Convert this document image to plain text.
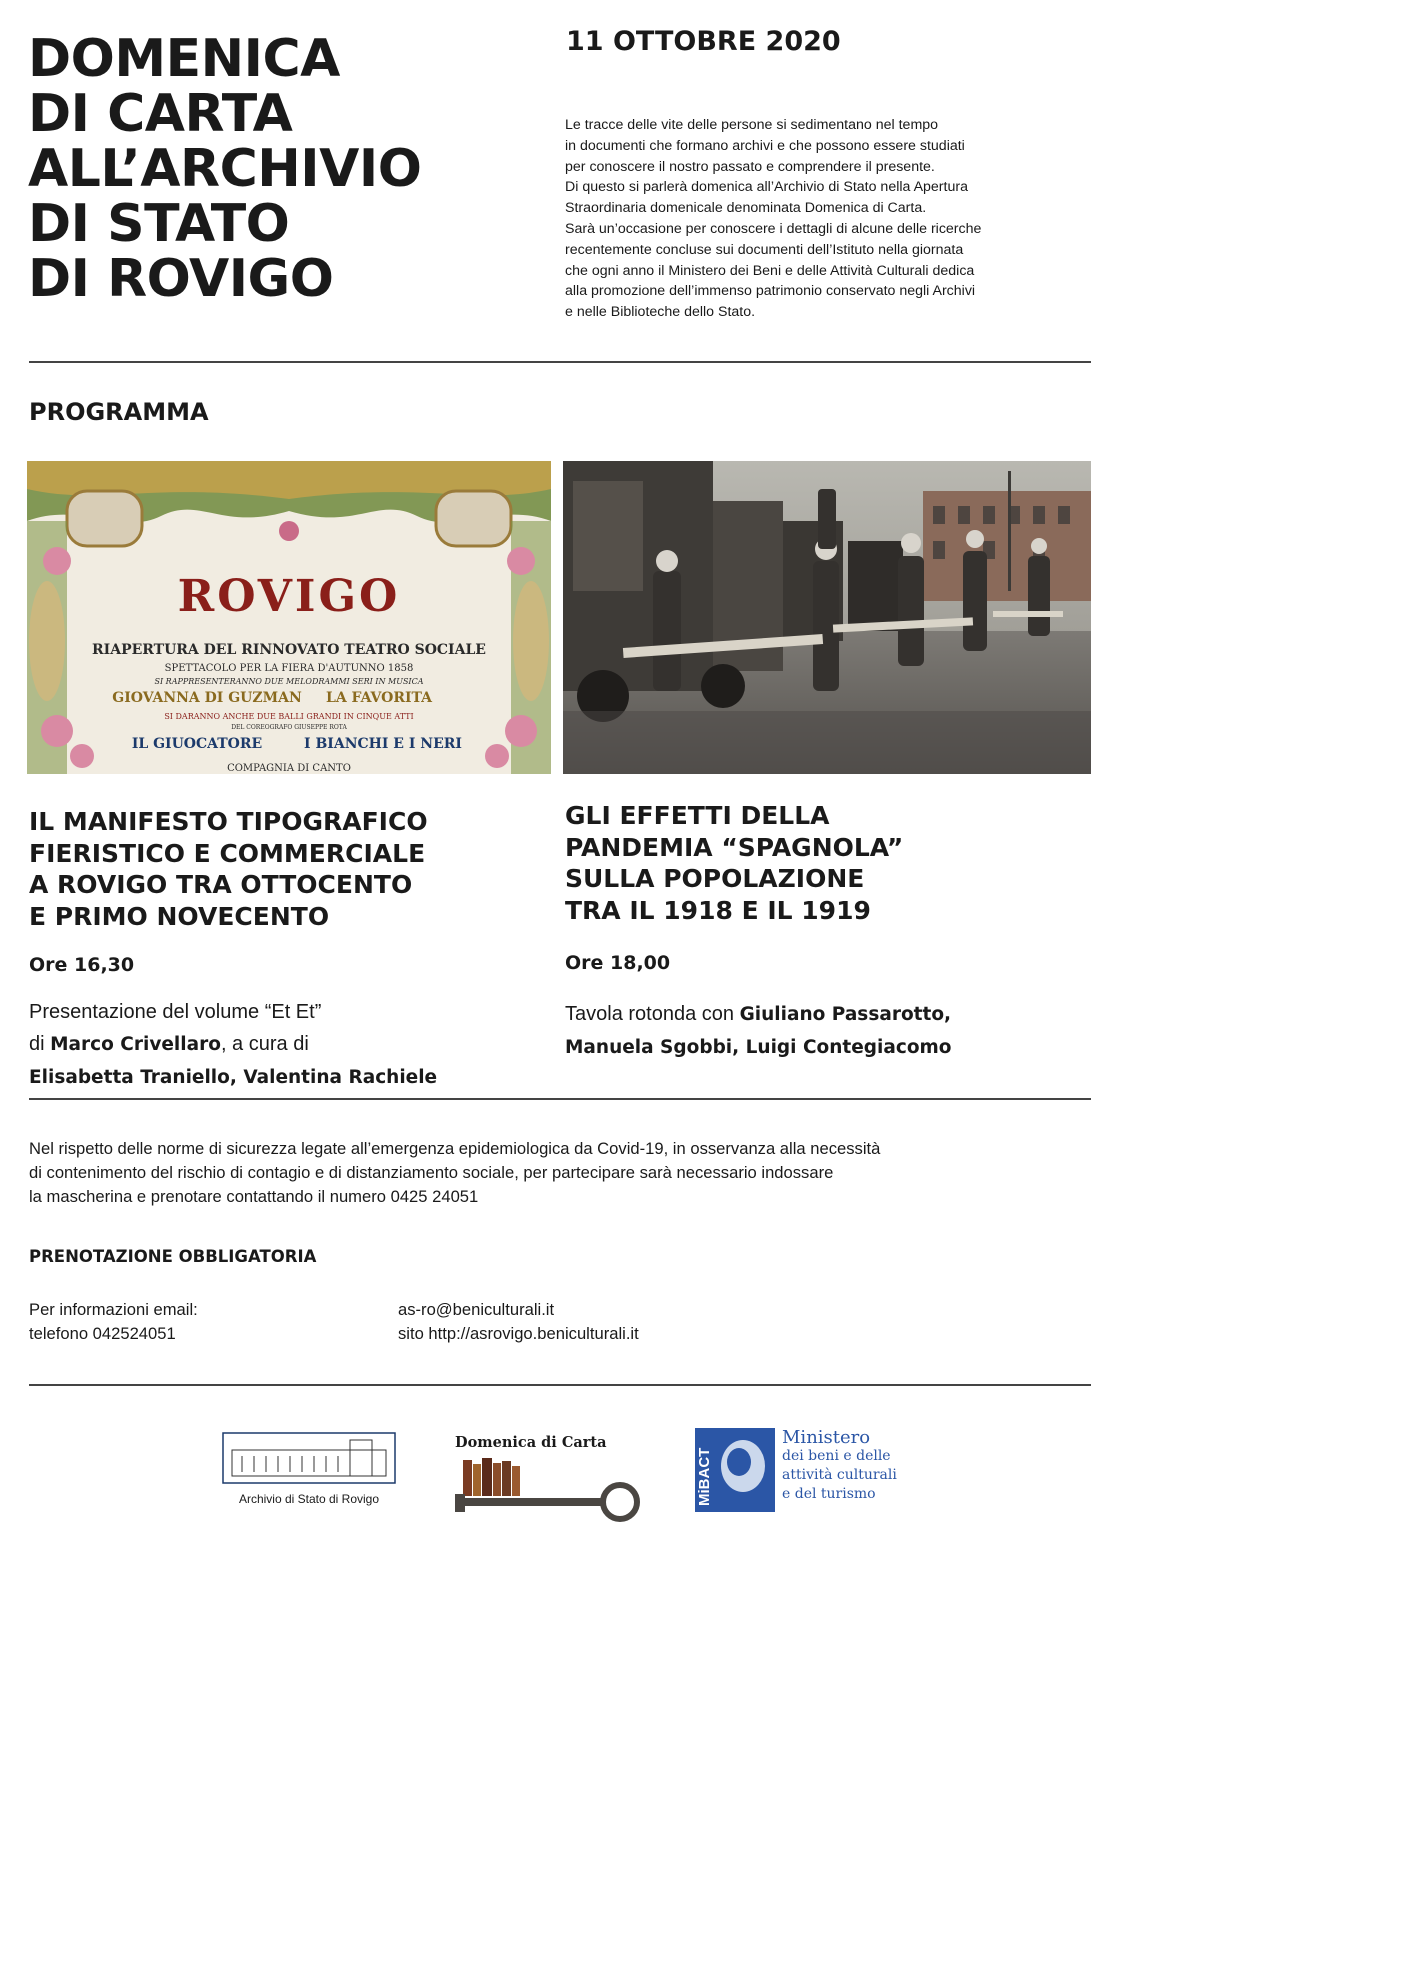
DOMENICA
DI CARTA
ALL’ARCHIVIO
DI STATO
DI ROVIGO
11 OTTOBRE 2020

Le tracce delle vite delle persone si sedimentano nel tempo
in documenti che formano archivi e che possono essere studiati
per conoscere il nostro passato e comprendere il presente.
Di questo si parlerà domenica all’Archivio di Stato nella Apertura
Straordinaria domenicale denominata Domenica di Carta.
Sarà un’occasione per conoscere i dettagli di alcune delle ricerche
recentemente concluse sui documenti dell’Istituto nella giornata
che ogni anno il Ministero dei Beni e delle Attività Culturali dedica
alla promozione dell’immenso patrimonio conservato negli Archivi
e nelle Biblioteche dello Stato.

PROGRAMMA
ROVIGO
RIAPERTURA DEL RINNOVATO TEATRO SOCIALE
SPETTACOLO PER LA FIERA D'AUTUNNO 1858
SI RAPPRESENTERANNO DUE MELODRAMMI SERI IN MUSICA
GIOVANNA DI GUZMAN LA FAVORITA
SI DARANNO ANCHE DUE BALLI GRANDI IN CINQUE ATTI
DEL COREOGRAFO GIUSEPPE ROTA
IL GIUOCATORE	I BIANCHI E I NERI
COMPAGNIA DI CANTO
IL MANIFESTO TIPOGRAFICO
FIERISTICO E COMMERCIALE
A ROVIGO TRA OTTOCENTO
E PRIMO NOVECENTO
Ore 16,30

Presentazione del volume “Et Et”
di Marco Crivellaro, a cura di
Elisabetta Traniello, Valentina Rachiele

GLI EFFETTI DELLA
PANDEMIA “SPAGNOLA”
SULLA POPOLAZIONE
TRA IL 1918 E IL 1919
Ore 18,00

Tavola rotonda con Giuliano Passarotto,
Manuela Sgobbi, Luigi Contegiacomo

Nel rispetto delle norme di sicurezza legate all’emergenza epidemiologica da Covid-19, in osservanza alla necessità
di contenimento del rischio di contagio e di distanziamento sociale, per partecipare sarà necessario indossare
la mascherina e prenotare contattando il numero 0425 24051

PRENOTAZIONE OBBLIGATORIA
Per informazioni email:
telefono 042524051
as-ro@beniculturali.it
sito http://asrovigo.beniculturali.it
Archivio di Stato di Rovigo
Domenica di Carta
MiBACT
Ministero
dei beni e delle
attività culturali
e del turismo
